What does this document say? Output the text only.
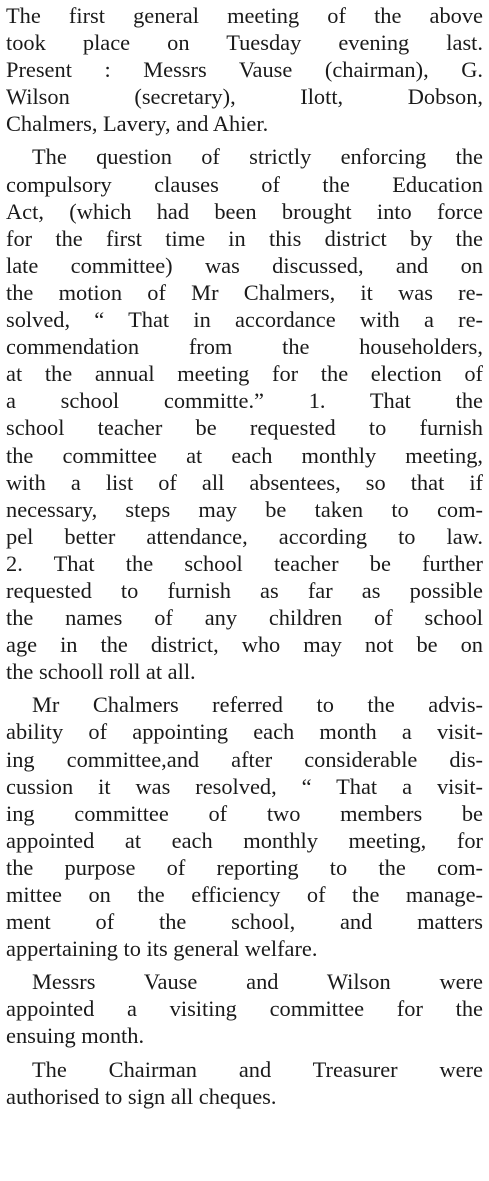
The first general meeting of the above
took place on Tuesday evening last.
Present : Messrs Vause (chairman), G.
Wilson (secretary), Ilott, Dobson,
Chalmers, Lavery, and Ahier.

The question of strictly enforcing the
compulsory clauses of the Education
Act, (which had been brought into force
for the first time in this district by the
late committee) was discussed, and on
the motion of Mr Chalmers, it was re-
solved, “ That in accordance with a re-
commendation from the householders,
at the annual meeting for the election of
a school committe.” 1. That the
school teacher be requested to furnish
the committee at each monthly meeting,
with a list of all absentees, so that if
necessary, steps may be taken to com-
pel better attendance, according to law.
2. That the school teacher be further
requested to furnish as far as possible
the names of any children of school
age in the district, who may not be on
the schooll roll at all.

Mr Chalmers referred to the advis-
ability of appointing each month a visit-
ing committee,and after considerable dis-
cussion it was resolved, “ That a visit-
ing committee of two members be
appointed at each monthly meeting, for
the purpose of reporting to the com-
mittee on the efficiency of the manage-
ment of the school, and matters
appertaining to its general welfare.

Messrs Vause and Wilson were
appointed a visiting committee for the
ensuing month.

The Chairman and Treasurer were
authorised to sign all cheques.
